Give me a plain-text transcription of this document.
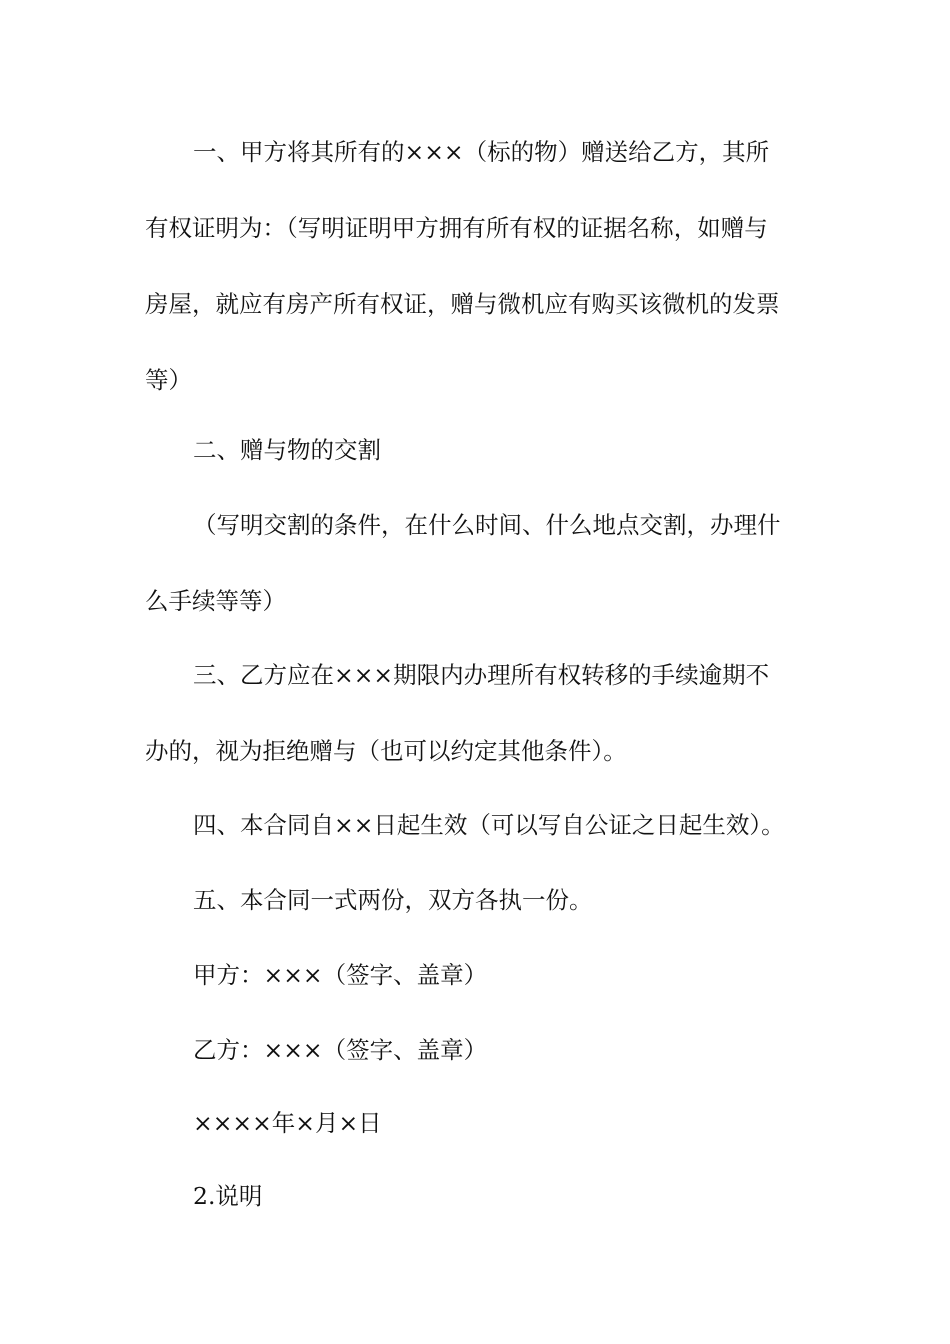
一、甲方将其所有的×××（标的物）赠送给乙方，其所
有权证明为：（写明证明甲方拥有所有权的证据名称，如赠与
房屋，就应有房产所有权证，赠与微机应有购买该微机的发票
等）
二、赠与物的交割
（写明交割的条件，在什么时间、什么地点交割，办理什
么手续等等）
三、乙方应在×××期限内办理所有权转移的手续逾期不
办的，视为拒绝赠与（也可以约定其他条件）。
四、本合同自××日起生效（可以写自公证之日起生效）。
五、本合同一式两份，双方各执一份。
甲方：×××（签字、盖章）
乙方：×××（签字、盖章）
××××年×月×日
2.说明
